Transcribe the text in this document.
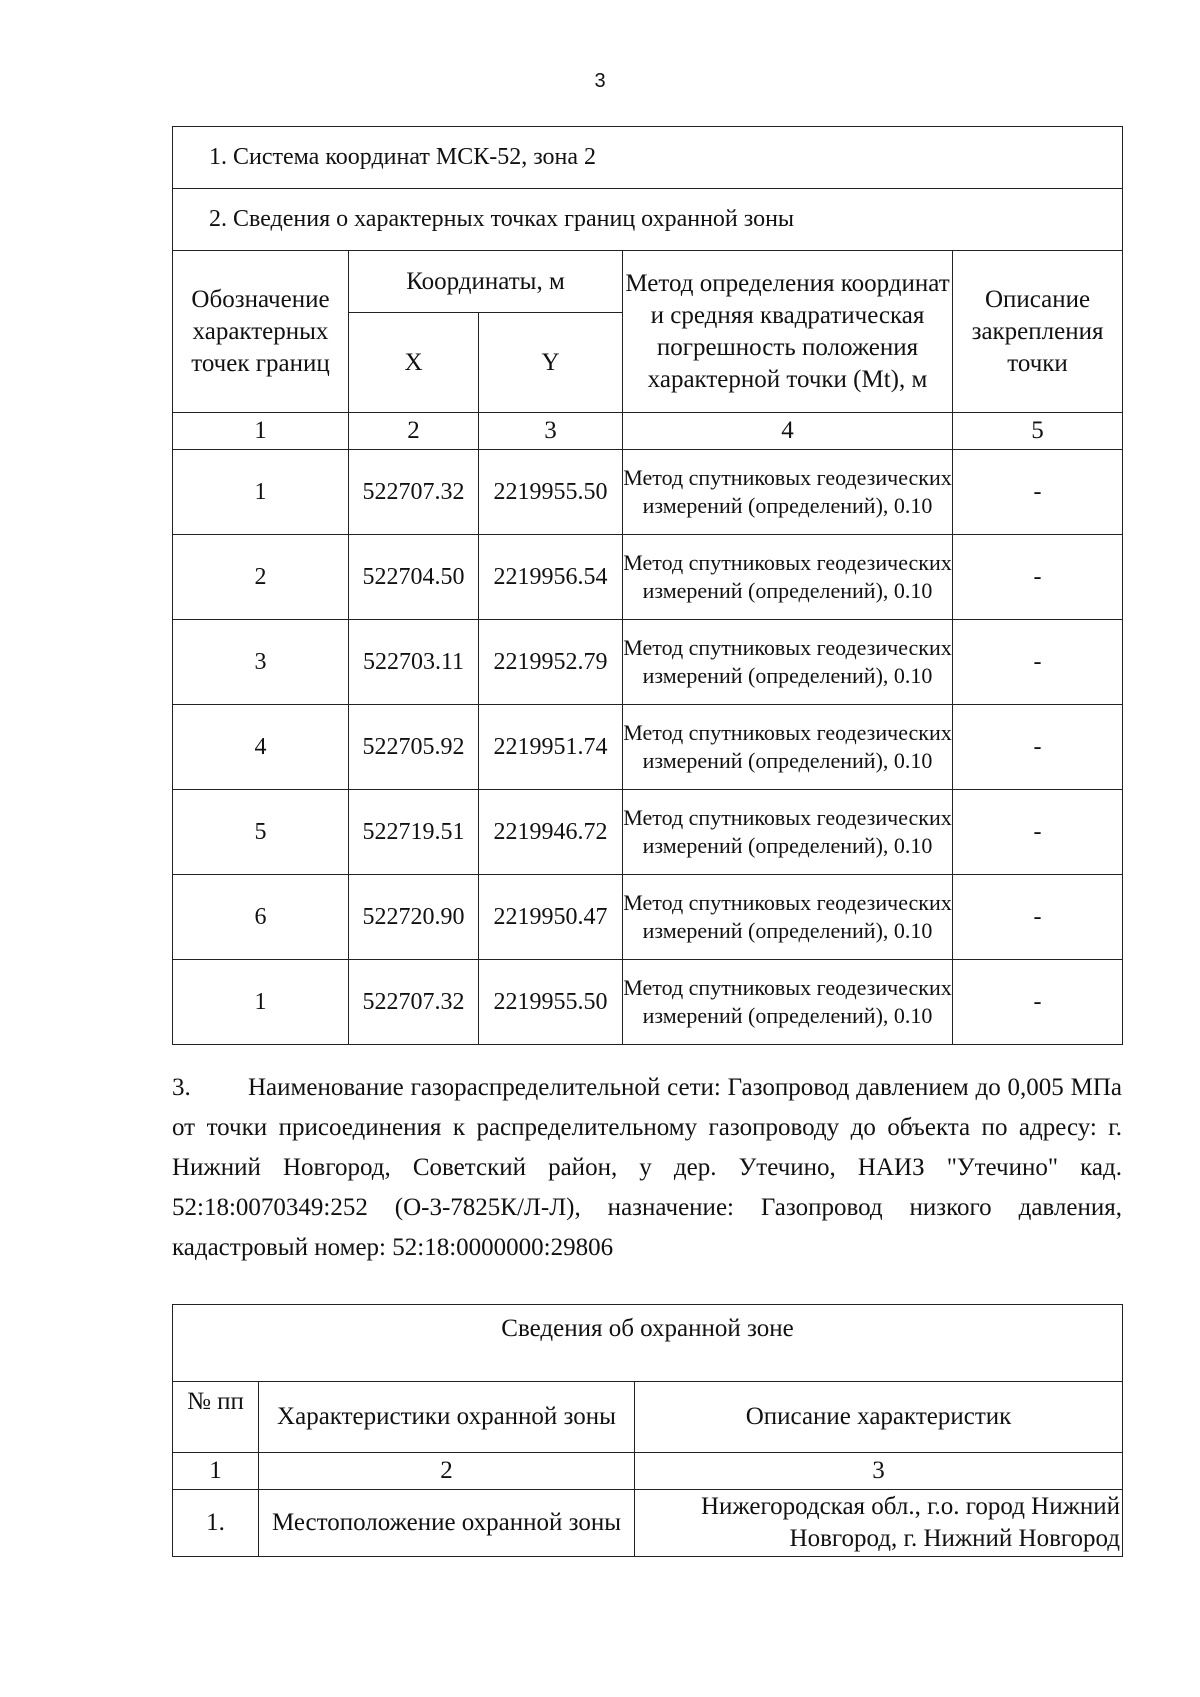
3
1. Система координат МСК-52, зона 2				
2. Сведения о характерных точках границ охранной зоны				
Обозначение характерных точек границ	Координаты, м		Метод определения координат и средняя квадратическая погрешность положения характерной точки (Mt), м	Описание закрепления точки
	X	Y		
1	2	3	4	5
1	522707.32	2219955.50	Метод спутниковых геодезических измерений (определений), 0.10	-
2	522704.50	2219956.54	Метод спутниковых геодезических измерений (определений), 0.10	-
3	522703.11	2219952.79	Метод спутниковых геодезических измерений (определений), 0.10	-
4	522705.92	2219951.74	Метод спутниковых геодезических измерений (определений), 0.10	-
5	522719.51	2219946.72	Метод спутниковых геодезических измерений (определений), 0.10	-
6	522720.90	2219950.47	Метод спутниковых геодезических измерений (определений), 0.10	-
1	522707.32	2219955.50	Метод спутниковых геодезических измерений (определений), 0.10	-
3. Наименование газораспределительной сети: Газопровод давлением до 0,005 МПа от точки присоединения к распределительному газопроводу до объекта по адресу: г. Нижний Новгород, Советский район, у дер. Утечино, НАИЗ "Утечино" кад. 52:18:0070349:252 (О-3-7825К/Л-Л), назначение: Газопровод низкого давления, кадастровый номер: 52:18:0000000:29806
Сведения об охранной зоне		
№ пп	Характеристики охранной зоны	Описание характеристик
1	2	3
1.	Местоположение охранной зоны	Нижегородская обл., г.о. город Нижний Новгород, г. Нижний Новгород
